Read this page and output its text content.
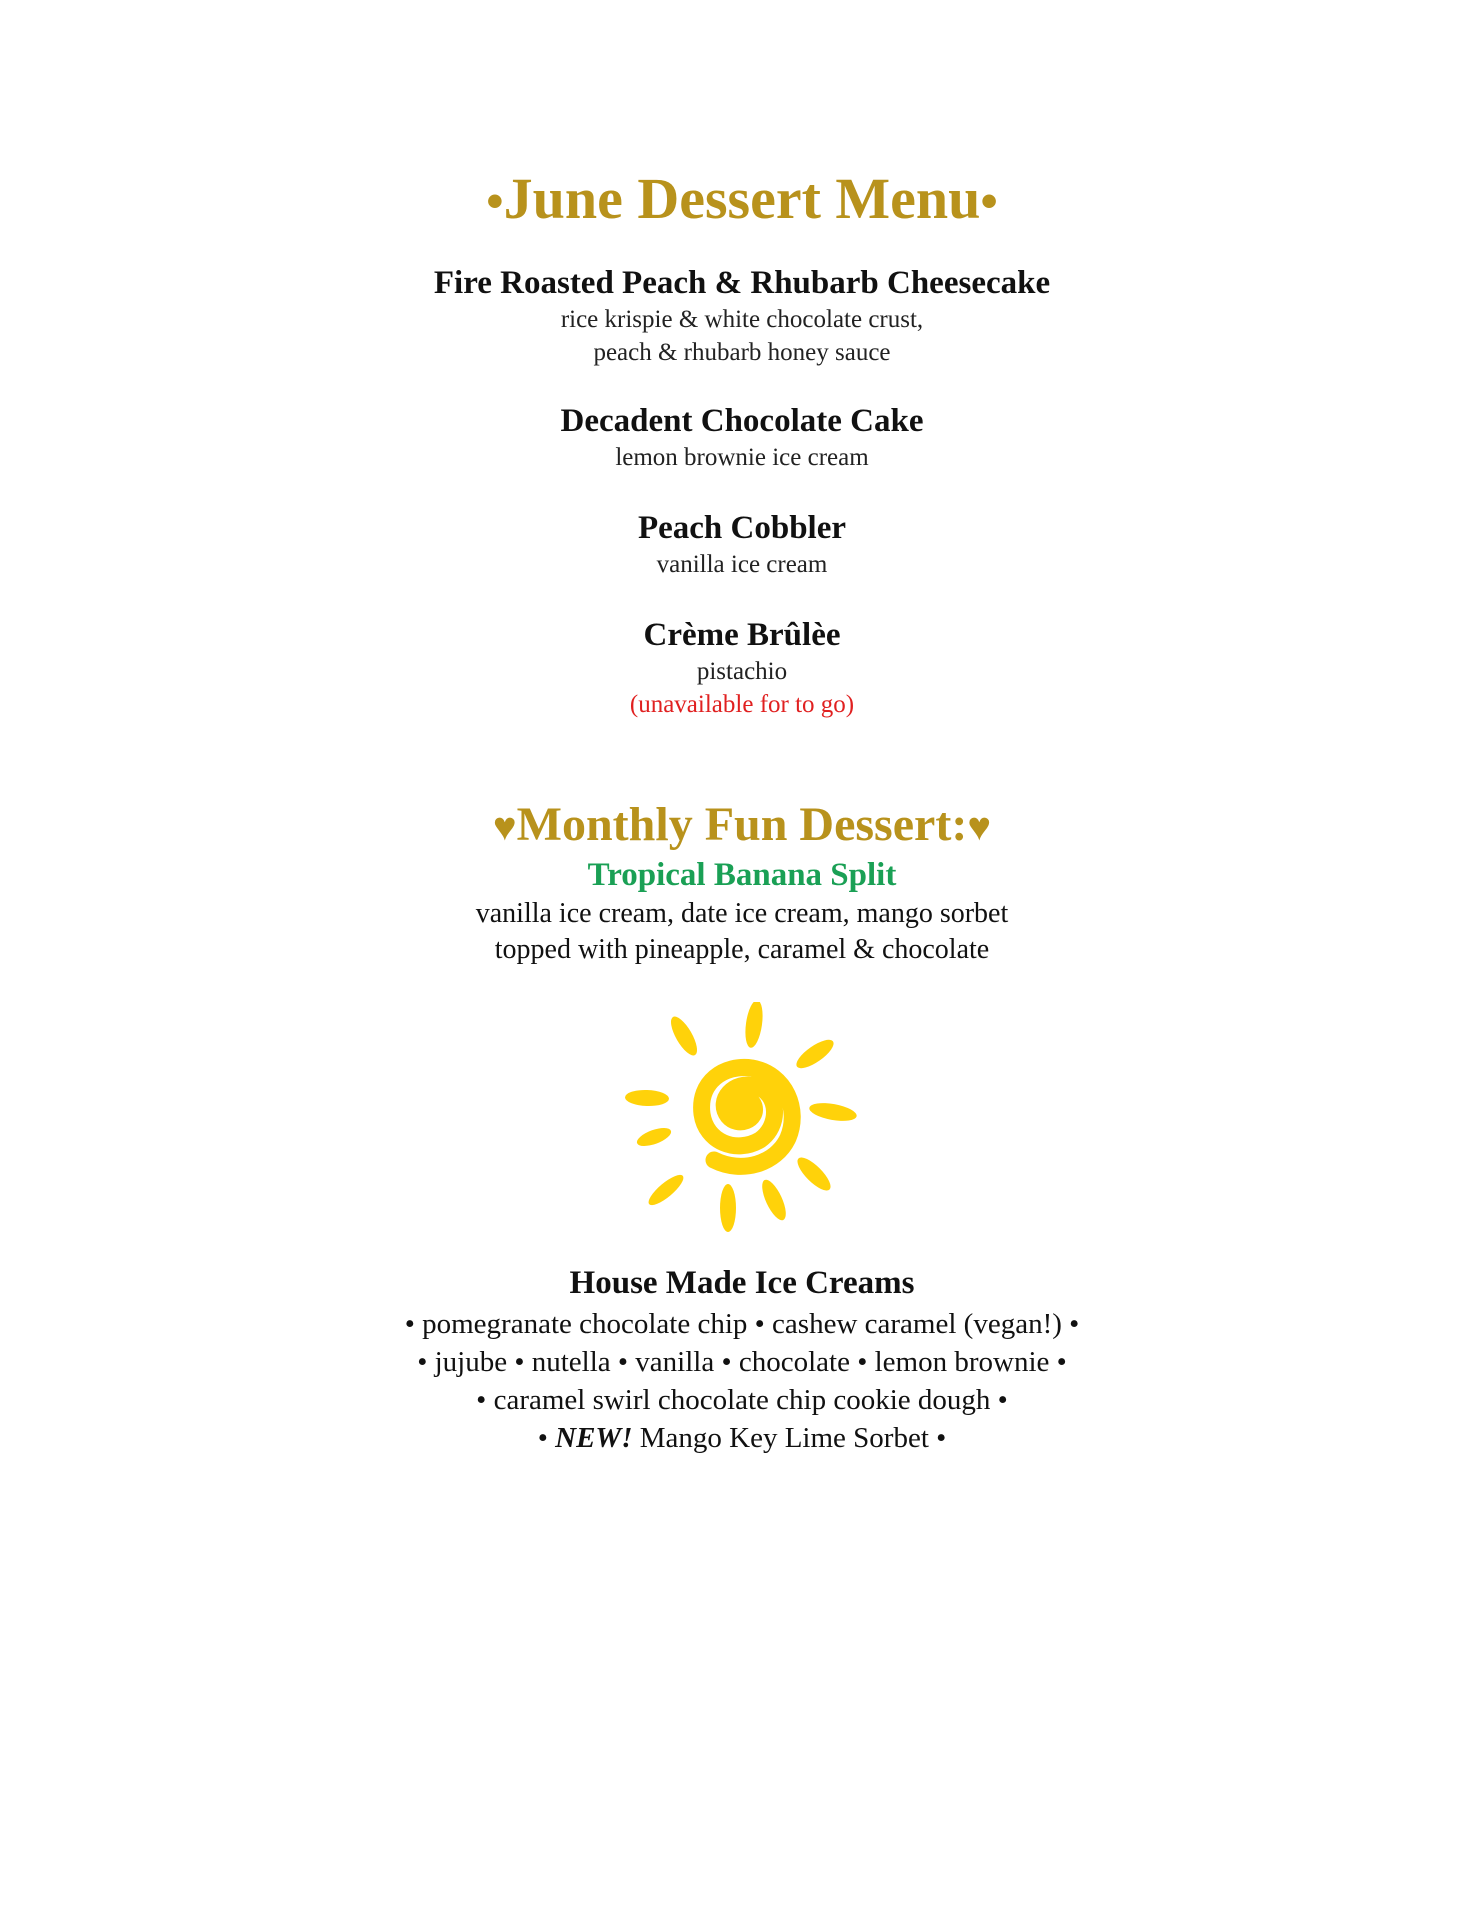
•June Dessert Menu•
Fire Roasted Peach & Rhubarb Cheesecake
rice krispie & white chocolate crust,
peach & rhubarb honey sauce
Decadent Chocolate Cake
lemon brownie ice cream
Peach Cobbler
vanilla ice cream
Crème Brûlèe
pistachio
(unavailable for to go)
♥Monthly Fun Dessert:♥
Tropical Banana Split
vanilla ice cream, date ice cream, mango sorbet
topped with pineapple, caramel & chocolate
House Made Ice Creams
• pomegranate chocolate chip • cashew caramel (vegan!) •
• jujube • nutella • vanilla • chocolate • lemon brownie •
• caramel swirl chocolate chip cookie dough •
• NEW! Mango Key Lime Sorbet •
